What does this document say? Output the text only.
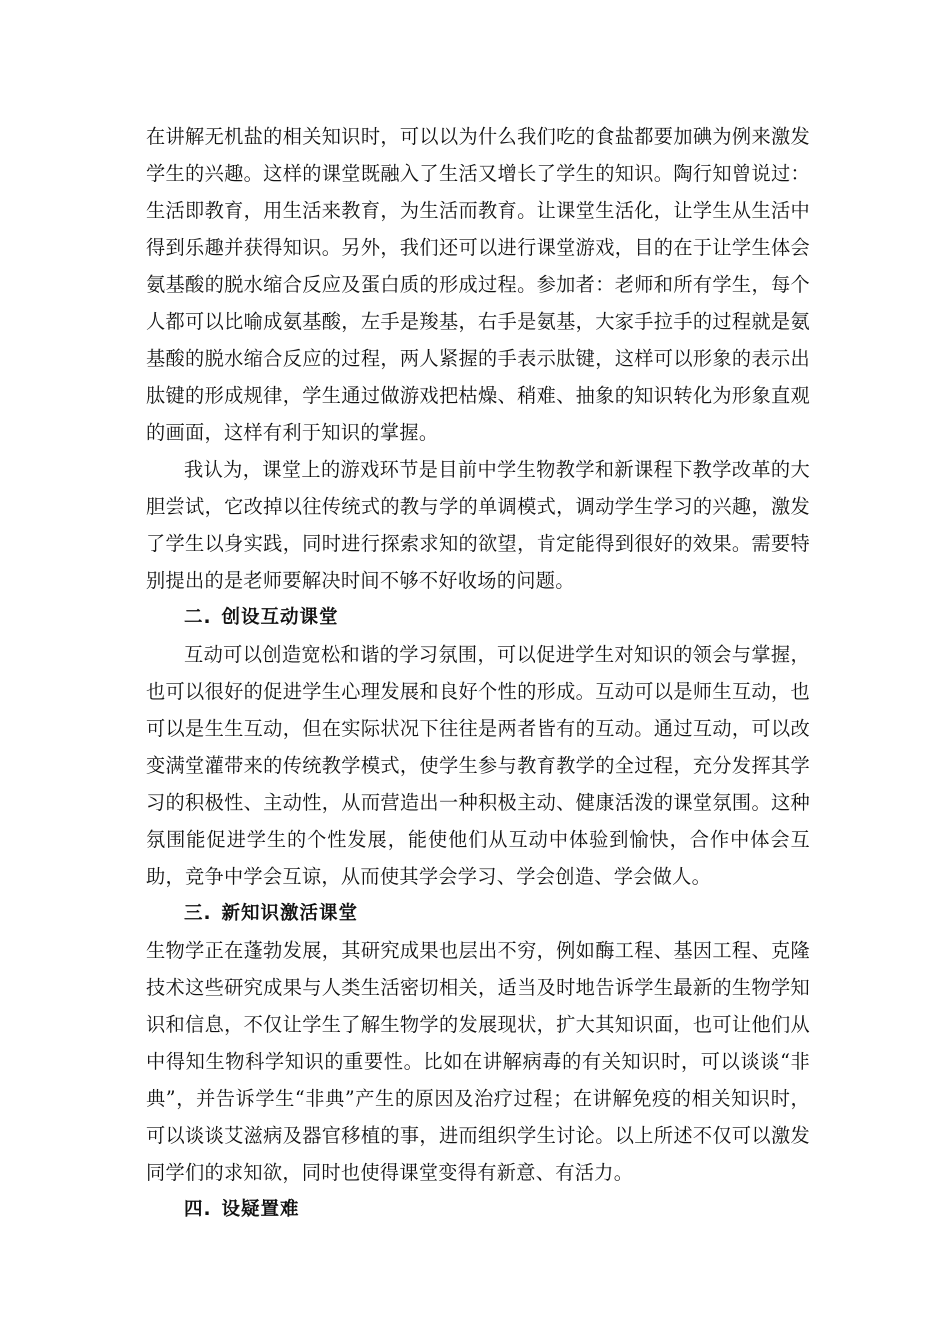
在讲解无机盐的相关知识时，可以以为什么我们吃的食盐都要加碘为例来激发学生的兴趣。这样的课堂既融入了生活又增长了学生的知识。陶行知曾说过：生活即教育，用生活来教育，为生活而教育。让课堂生活化，让学生从生活中得到乐趣并获得知识。另外，我们还可以进行课堂游戏，目的在于让学生体会氨基酸的脱水缩合反应及蛋白质的形成过程。参加者：老师和所有学生，每个人都可以比喻成氨基酸，左手是羧基，右手是氨基，大家手拉手的过程就是氨基酸的脱水缩合反应的过程，两人紧握的手表示肽键，这样可以形象的表示出肽键的形成规律，学生通过做游戏把枯燥、稍难、抽象的知识转化为形象直观的画面，这样有利于知识的掌握。

我认为，课堂上的游戏环节是目前中学生物教学和新课程下教学改革的大胆尝试，它改掉以往传统式的教与学的单调模式，调动学生学习的兴趣，激发了学生以身实践，同时进行探索求知的欲望，肯定能得到很好的效果。需要特别提出的是老师要解决时间不够不好收场的问题。

二. 创设互动课堂

互动可以创造宽松和谐的学习氛围，可以促进学生对知识的领会与掌握，也可以很好的促进学生心理发展和良好个性的形成。互动可以是师生互动，也可以是生生互动，但在实际状况下往往是两者皆有的互动。通过互动，可以改变满堂灌带来的传统教学模式，使学生参与教育教学的全过程，充分发挥其学习的积极性、主动性，从而营造出一种积极主动、健康活泼的课堂氛围。这种氛围能促进学生的个性发展，能使他们从互动中体验到愉快，合作中体会互助，竞争中学会互谅，从而使其学会学习、学会创造、学会做人。

三. 新知识激活课堂

生物学正在蓬勃发展，其研究成果也层出不穷，例如酶工程、基因工程、克隆技术这些研究成果与人类生活密切相关，适当及时地告诉学生最新的生物学知识和信息，不仅让学生了解生物学的发展现状，扩大其知识面，也可让他们从中得知生物科学知识的重要性。比如在讲解病毒的有关知识时，可以谈谈“非典”，并告诉学生“非典”产生的原因及治疗过程；在讲解免疫的相关知识时，可以谈谈艾滋病及器官移植的事，进而组织学生讨论。以上所述不仅可以激发同学们的求知欲，同时也使得课堂变得有新意、有活力。

四. 设疑置难
